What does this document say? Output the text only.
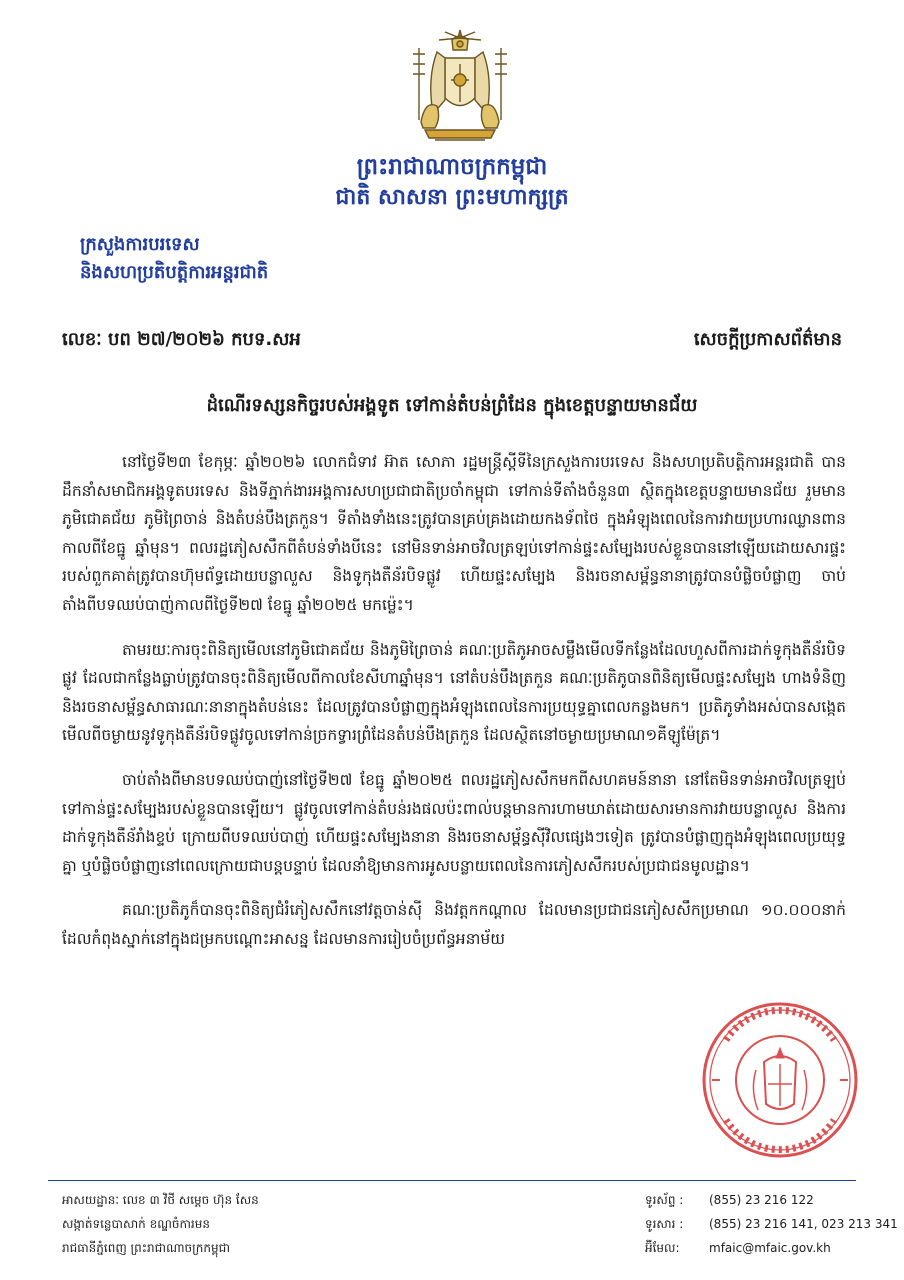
ព្រះរាជាណាចក្រកម្ពុជា
ជាតិ សាសនា ព្រះមហាក្សត្រ
ក្រសួងការបរទេស
និងសហប្រតិបត្តិការអន្តរជាតិ
លេខៈ បព ២៧/២០២៦ កបទ.សអ	សេចក្តីប្រកាសព័ត៌មាន
ដំណើរទស្សនកិច្ចរបស់អង្គទូត ទៅកាន់តំបន់ព្រំដែន ក្នុងខេត្តបន្ទាយមានជ័យ

នៅថ្ងៃទី២៣ ខែកុម្ភៈ ឆ្នាំ២០២៦ លោកជំទាវ អ៊ាត សោភា រដ្ឋមន្ត្រីស្តីទីនៃក្រសួងការបរទេស និងសហប្រតិបត្តិការអន្តរជាតិ បានដឹកនាំសមាជិកអង្គទូតបរទេស និងទីភ្នាក់ងារអង្គការសហប្រជាជាតិប្រចាំកម្ពុជា ទៅកាន់ទីតាំងចំនួន៣ ស្ថិតក្នុងខេត្តបន្ទាយមានជ័យ រួមមាន ភូមិជោគជ័យ ភូមិព្រៃចាន់ និងតំបន់បឹងត្រកួន។ ទីតាំងទាំងនេះត្រូវបានគ្រប់គ្រងដោយកងទ័ពថៃ ក្នុងអំឡុងពេលនៃការវាយប្រហារឈ្លានពាន កាលពីខែធ្នូ ឆ្នាំមុន។ ពលរដ្ឋភៀសសឹកពីតំបន់ទាំងបីនេះ នៅមិនទាន់អាចវិលត្រឡប់ទៅកាន់ផ្ទះសម្បែងរបស់ខ្លួនបាននៅឡើយដោយសារផ្ទះរបស់ពួកគាត់ត្រូវបានហ៊ុមព័ទ្ធដោយបន្លាលួស និងទូកុងតឺន័របិទផ្លូវ ហើយផ្ទះសម្បែង និងរចនាសម្ព័ន្ធនានាត្រូវបានបំផ្លិចបំផ្លាញ ចាប់តាំងពីបទឈប់បាញ់កាលពីថ្ងៃទី២៧ ខែធ្នូ ឆ្នាំ២០២៥ មកម្ល៉េះ។

តាមរយៈការចុះពិនិត្យមើលនៅភូមិជោគជ័យ និងភូមិព្រៃចាន់ គណៈប្រតិភូអាចសម្លឹងមើលទីកន្លែងដែលហួសពីការដាក់ទូកុងតឺន័របិទផ្លូវ ដែលជាកន្លែងធ្លាប់ត្រូវបានចុះពិនិត្យមើលពីកាលខែសីហាឆ្នាំមុន។ នៅតំបន់បឹងត្រកួន គណៈប្រតិភូបានពិនិត្យមើលផ្ទះសម្បែង ហាងទំនិញ និងរចនាសម្ព័ន្ធសាធារណៈនានាក្នុងតំបន់នេះ ដែលត្រូវបានបំផ្លាញក្នុងអំឡុងពេលនៃការប្រយុទ្ធគ្នាពេលកន្លងមក។ ប្រតិភូទាំងអស់បានសង្កេតមើលពីចម្ងាយនូវទូកុងតឺន័របិទផ្លូវចូលទៅកាន់ច្រកទ្វារព្រំដែនតំបន់បឹងត្រកួន ដែលស្ថិតនៅចម្ងាយប្រមាណ១គីឡូម៉ែត្រ។

ចាប់តាំងពីមានបទឈប់បាញ់នៅថ្ងៃទី២៧ ខែធ្នូ ឆ្នាំ២០២៥ ពលរដ្ឋភៀសសឹកមកពីសហគមន៍នានា នៅតែមិនទាន់អាចវិលត្រឡប់ទៅកាន់ផ្ទះសម្បែងរបស់ខ្លួនបានឡើយ។ ផ្លូវចូលទៅកាន់តំបន់រងផលប៉ះពាល់បន្តមានការហាមឃាត់ដោយសារមានការវាយបន្លាលួស និងការដាក់ទូកុងតឺន័រាំងខ្ទប់ ក្រោយពីបទឈប់បាញ់ ហើយផ្ទះសម្បែងនានា និងរចនាសម្ព័ន្ធស៊ីវិលផ្សេងៗទៀត ត្រូវបានបំផ្លាញក្នុងអំឡុងពេលប្រយុទ្ធគ្នា ឬបំផ្លិចបំផ្លាញនៅពេលក្រោយជាបន្តបន្ទាប់ ដែលនាំឱ្យមានការអូសបន្លាយពេលនៃការភៀសសឹករបស់ប្រជាជនមូលដ្ឋាន។

គណៈប្រតិភូក៏បានចុះពិនិត្យជំរំភៀសសឹកនៅវត្តចាន់ស៊ី និងវត្តកកណ្តាល ដែលមានប្រជាជនភៀសសឹកប្រមាណ ១០.០០០នាក់ ដែលកំពុងស្នាក់នៅក្នុងជម្រកបណ្តោះអាសន្ន ដែលមានការរៀបចំប្រព័ន្ធអនាម័យ

អាសយដ្ឋានៈ លេខ ៣ វិថី សម្តេច ហ៊ុន សែន
សង្កាត់ទន្លេបាសាក់ ខណ្ឌចំការមន
រាជធានីភ្នំពេញ ព្រះរាជាណាចក្រកម្ពុជា
ទូរស័ព្ទ :	(855) 23 216 122
ទូរសារ :	(855) 23 216 141, 023 213 341
អ៊ីមែល:	mfaic@mfaic.gov.kh
